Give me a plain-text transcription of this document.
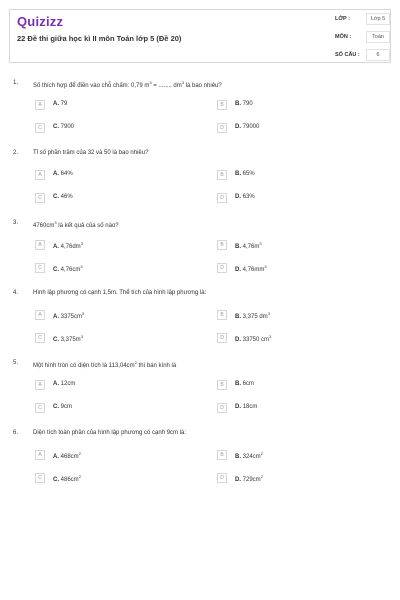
Quizizz
22 Đề thi giữa học kì II môn Toán lớp 5 (Đề 20)
LỚP :	Lớp 5
MÔN :	Toán
SỐ CÂU :	6
1. Số thích hợp để điền vào chỗ chấm: 0,79 $m^3$ = ........ $dm^3$ là bao nhiêu?
A	A. 79	B	B. 790
C	C. 7900	D	D. 79000
2. Tỉ số phần trăm của 32 và 50 là bao nhiêu?
A	A. 64%	B	B. 65%
C	C. 46%	D	D. 63%
3. $4760cm^3$ là kết quả của số nào?
A	A. $4,76dm^3$	B	B. $4,76m^3$
C	C. $4,76cm^3$	D	D. $4,76mm^3$
4. Hình lập phương có cạnh 1,5m. Thể tích của hình lập phương là:
A	A. $3375cm^3$	B	B. 3,375 $dm^3$
C	C. $3,375m^3$	D	D. 33750 $cm^3$
5. Một hình tròn có diện tích là $113,04cm^2$ thì bán kính là
A	A. 12cm	B	B. 6cm
C	C. 9cm	D	D. 18cm
6. Diện tích toàn phần của hình lập phương có cạnh 9cm là:
A	A. $468cm^2$	B	B. $324cm^2$
C	C. $486cm^2$	D	D. $729cm^2$
